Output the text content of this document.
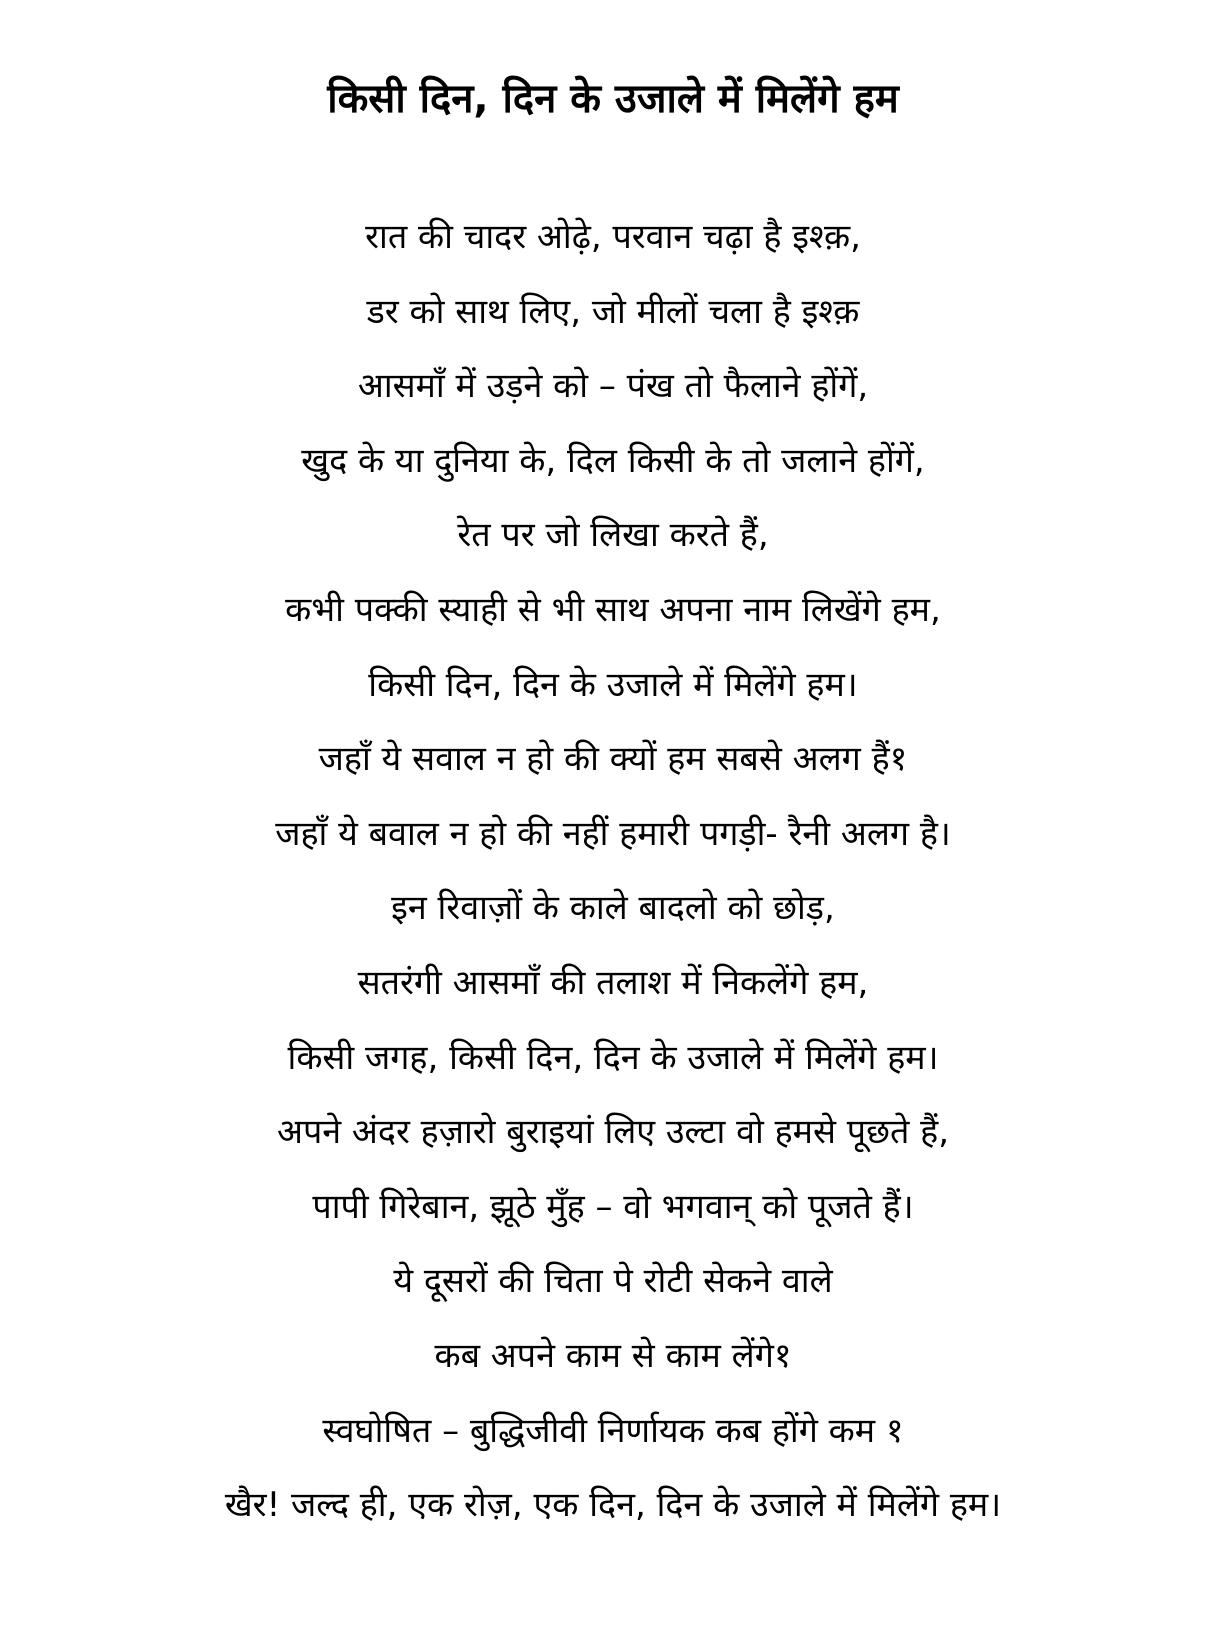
किसी दिन, दिन के उजाले में मिलेंगे हम
रात की चादर ओढ़े, परवान चढ़ा है इश्क़,
डर को साथ लिए, जो मीलों चला है इश्क़
आसमाँ में उड़ने को – पंख तो फैलाने होंगें,
खुद के या दुनिया के, दिल किसी के तो जलाने होंगें,
रेत पर जो लिखा करते हैं,
कभी पक्की स्याही से भी साथ अपना नाम लिखेंगे हम,
किसी दिन, दिन के उजाले में मिलेंगे हम।
जहाँ ये सवाल न हो की क्यों हम सबसे अलग हैं१
जहाँ ये बवाल न हो की नहीं हमारी पगड़ी- रैनी अलग है।
इन रिवाज़ों के काले बादलो को छोड़,
सतरंगी आसमाँ की तलाश में निकलेंगे हम,
किसी जगह, किसी दिन, दिन के उजाले में मिलेंगे हम।
अपने अंदर हज़ारो बुराइयां लिए उल्टा वो हमसे पूछते हैं,
पापी गिरेबान, झूठे मुँह – वो भगवान् को पूजते हैं।
ये दूसरों की चिता पे रोटी सेकने वाले
कब अपने काम से काम लेंगे१
स्वघोषित – बुद्धिजीवी निर्णायक कब होंगे कम १
खैर! जल्द ही, एक रोज़, एक दिन, दिन के उजाले में मिलेंगे हम।
